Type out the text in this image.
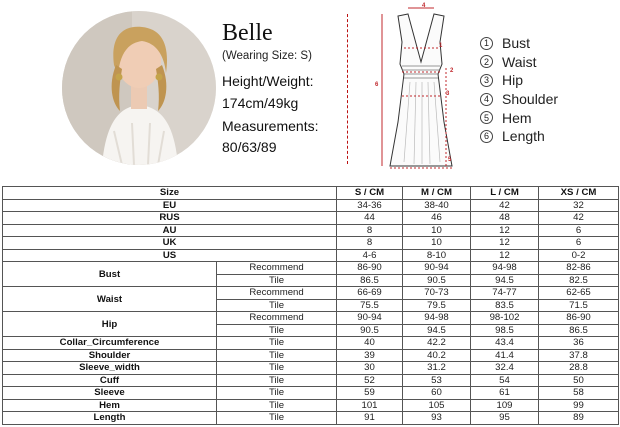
Belle
(Wearing Size: S)
Height/Weight:
174cm/49kg
Measurements:
80/63/89
4
1
2
3
6
5
1 Bust
2 Waist
3 Hip
4 Shoulder
5 Hem
6 Length
Size		S / CM	M / CM	L / CM	XS / CM
EU		34-36	38-40	42	32
RUS		44	46	48	42
AU		8	10	12	6
UK		8	10	12	6
US		4-6	8-10	12	0-2
Bust	Recommend	86-90	90-94	94-98	82-86
	Tile	86.5	90.5	94.5	82.5
Waist	Recommend	66-69	70-73	74-77	62-65
	Tile	75.5	79.5	83.5	71.5
Hip	Recommend	90-94	94-98	98-102	86-90
	Tile	90.5	94.5	98.5	86.5
Collar_Circumference	Tile	40	42.2	43.4	36
Shoulder	Tile	39	40.2	41.4	37.8
Sleeve_width	Tile	30	31.2	32.4	28.8
Cuff	Tile	52	53	54	50
Sleeve	Tile	59	60	61	58
Hem	Tile	101	105	109	99
Length	Tile	91	93	95	89
